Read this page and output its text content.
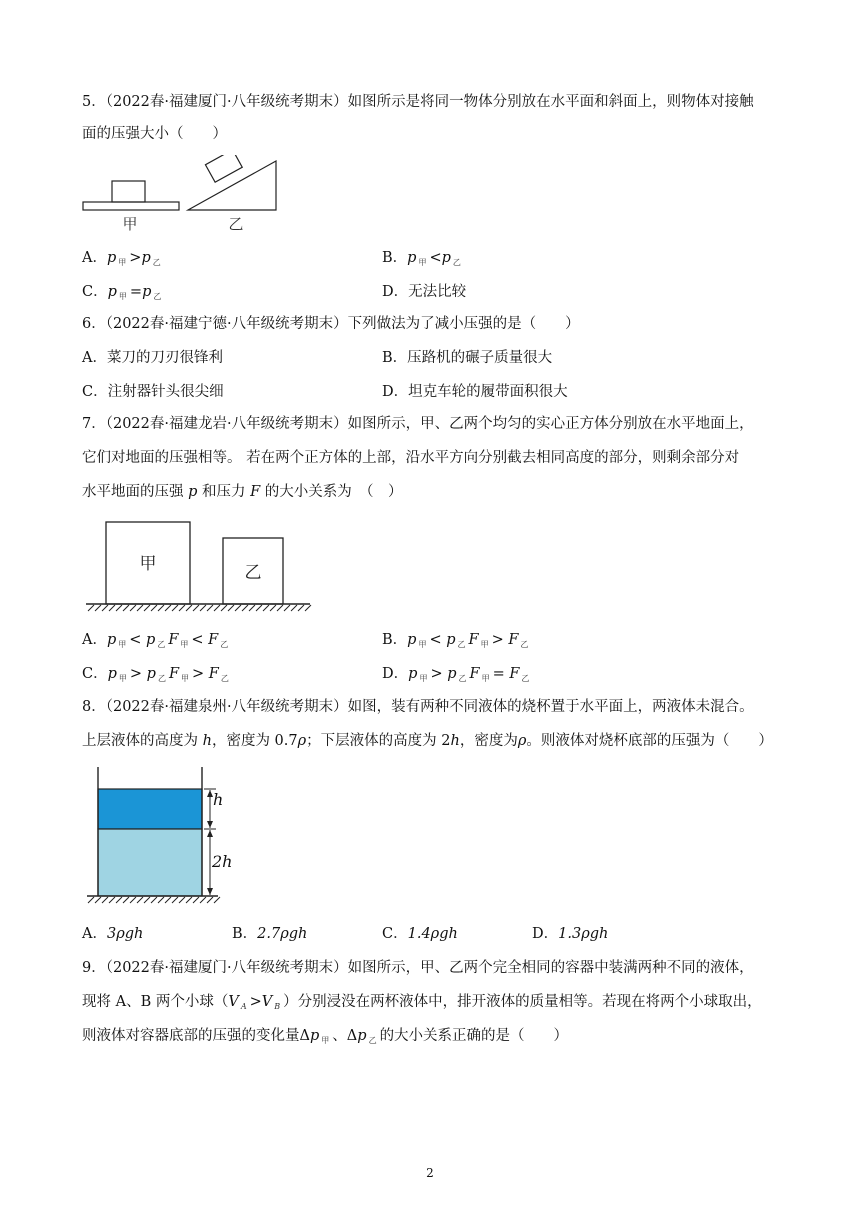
5．（2022春·福建厦门·八年级统考期末）如图所示是将同一物体分别放在水平面和斜面上，则物体对接触
面的压强大小（　　）
甲	乙
A．p $_甲$ >p $_乙$	B．p $_甲$ <p $_乙$
C．p $_甲$ =p $_乙$	D．无法比较
6．（2022春·福建宁德·八年级统考期末）下列做法为了减小压强的是（　　）
A．菜刀的刀刃很锋利	B．压路机的碾子质量很大
C．注射器针头很尖细	D．坦克车轮的履带面积很大
7．（2022春·福建龙岩·八年级统考期末）如图所示，甲、乙两个均匀的实心正方体分别放在水平地面上，
它们对地面的压强相等。 若在两个正方体的上部，沿水平方向分别截去相同高度的部分，则剩余部分对
水平地面的压强 p 和压力 F 的大小关系为　（　）
甲	乙
A．p $_甲$ < p $_乙$ F $_甲$ < F $_乙$	B．p $_甲$ < p $_乙$ F $_甲$ > F $_乙$
C．p $_甲$ > p $_乙$ F $_甲$ > F $_乙$	D．p $_甲$ > p $_乙$ F $_甲$ = F $_乙$
8．（2022春·福建泉州·八年级统考期末）如图，装有两种不同液体的烧杯置于水平面上，两液体未混合。
上层液体的高度为 h，密度为 0.7ρ；下层液体的高度为 2h，密度为ρ。则液体对烧杯底部的压强为（　　）
h
2h
A．3ρgh	B．2.7ρgh	C．1.4ρgh	D．1.3ρgh
9．（2022春·福建厦门·八年级统考期末）如图所示，甲、乙两个完全相同的容器中装满两种不同的液体，
现将 A、B 两个小球（V $_A$ >V $_B$ ）分别浸没在两杯液体中，排开液体的质量相等。若现在将两个小球取出，
则液体对容器底部的压强的变化量Δp $_甲$ 、Δp $_乙$ 的大小关系正确的是（　　）
2
